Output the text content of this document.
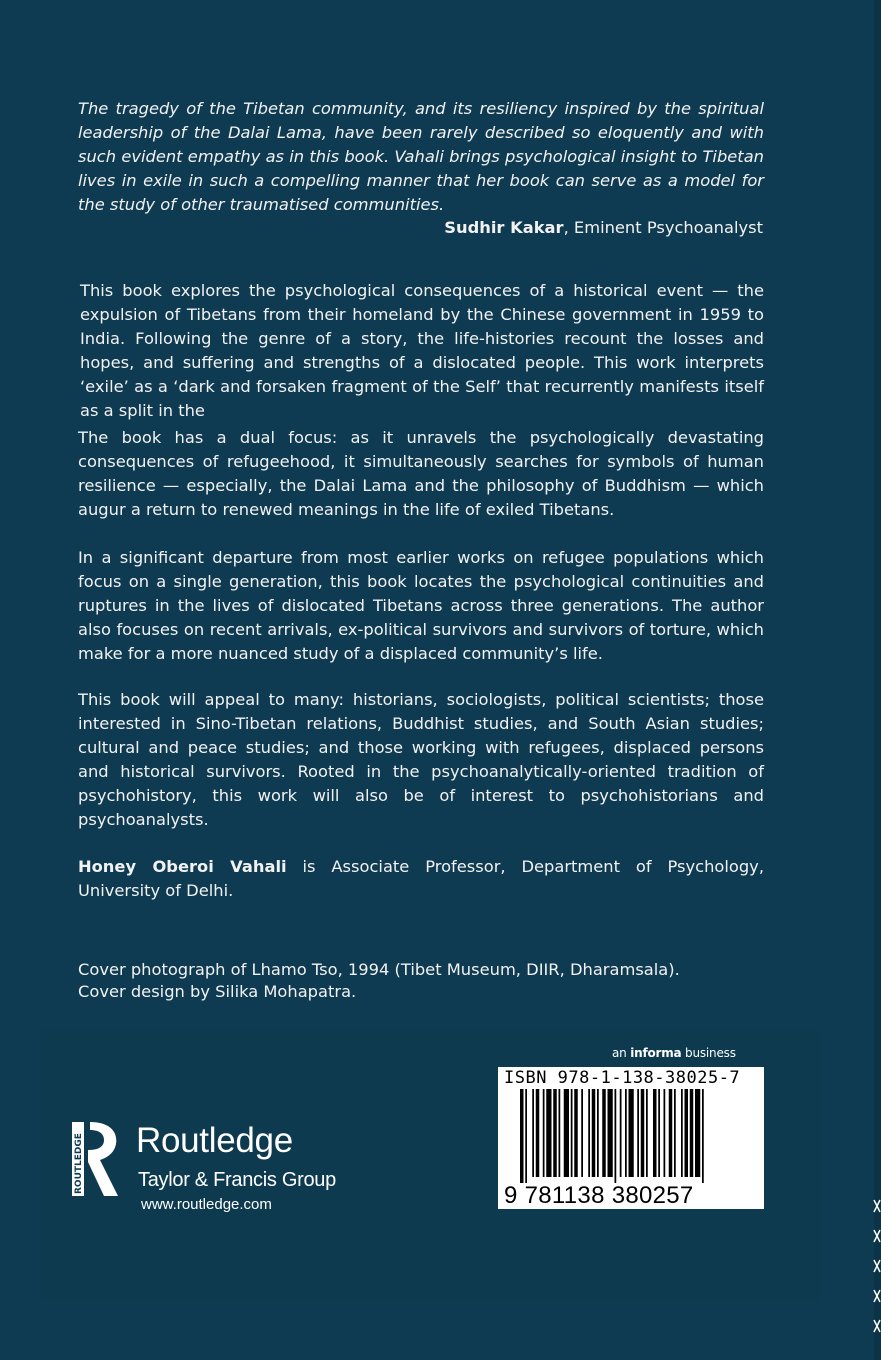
The tragedy of the Tibetan community, and its resiliency inspired by the spiritual leadership of the Dalai Lama, have been rarely described so eloquently and with such evident empathy as in this book. Vahali brings psychological insight to Tibetan lives in exile in such a compelling manner that her book can serve as a model for the study of other traumatised communities.

Sudhir Kakar, Eminent Psychoanalyst

This book explores the psychological consequences of a historical event — the expulsion of Tibetans from their homeland by the Chinese government in 1959 to India. Following the genre of a story, the life-histories recount the losses and hopes, and suffering and strengths of a dislocated people. This work interprets ‘exile’ as a ‘dark and forsaken fragment of the Self’ that recurrently manifests itself as a split in the

The book has a dual focus: as it unravels the psychologically devastating consequences of refugeehood, it simultaneously searches for symbols of human resilience — especially, the Dalai Lama and the philosophy of Buddhism — which augur a return to renewed meanings in the life of exiled Tibetans.

In a significant departure from most earlier works on refugee populations which focus on a single generation, this book locates the psychological continuities and ruptures in the lives of dislocated Tibetans across three generations. The author also focuses on recent arrivals, ex-political survivors and survivors of torture, which make for a more nuanced study of a displaced community’s life.

This book will appeal to many: historians, sociologists, political scientists; those interested in Sino-Tibetan relations, Buddhist studies, and South Asian studies; cultural and peace studies; and those working with refugees, displaced persons and historical survivors. Rooted in the psychoanalytically-oriented tradition of psychohistory, this work will also be of interest to psychohistorians and psychoanalysts.

Honey Oberoi Vahali is Associate Professor, Department of Psychology, University of Delhi.

Cover photograph of Lhamo Tso, 1994 (Tibet Museum, DIIR, Dharamsala).
Cover design by Silika Mohapatra.
an informa business
ISBN 978-1-138-38025-7
9 781138 380257
ROUTLEDGE Routledge
Taylor & Francis Group
www.routledge.com
